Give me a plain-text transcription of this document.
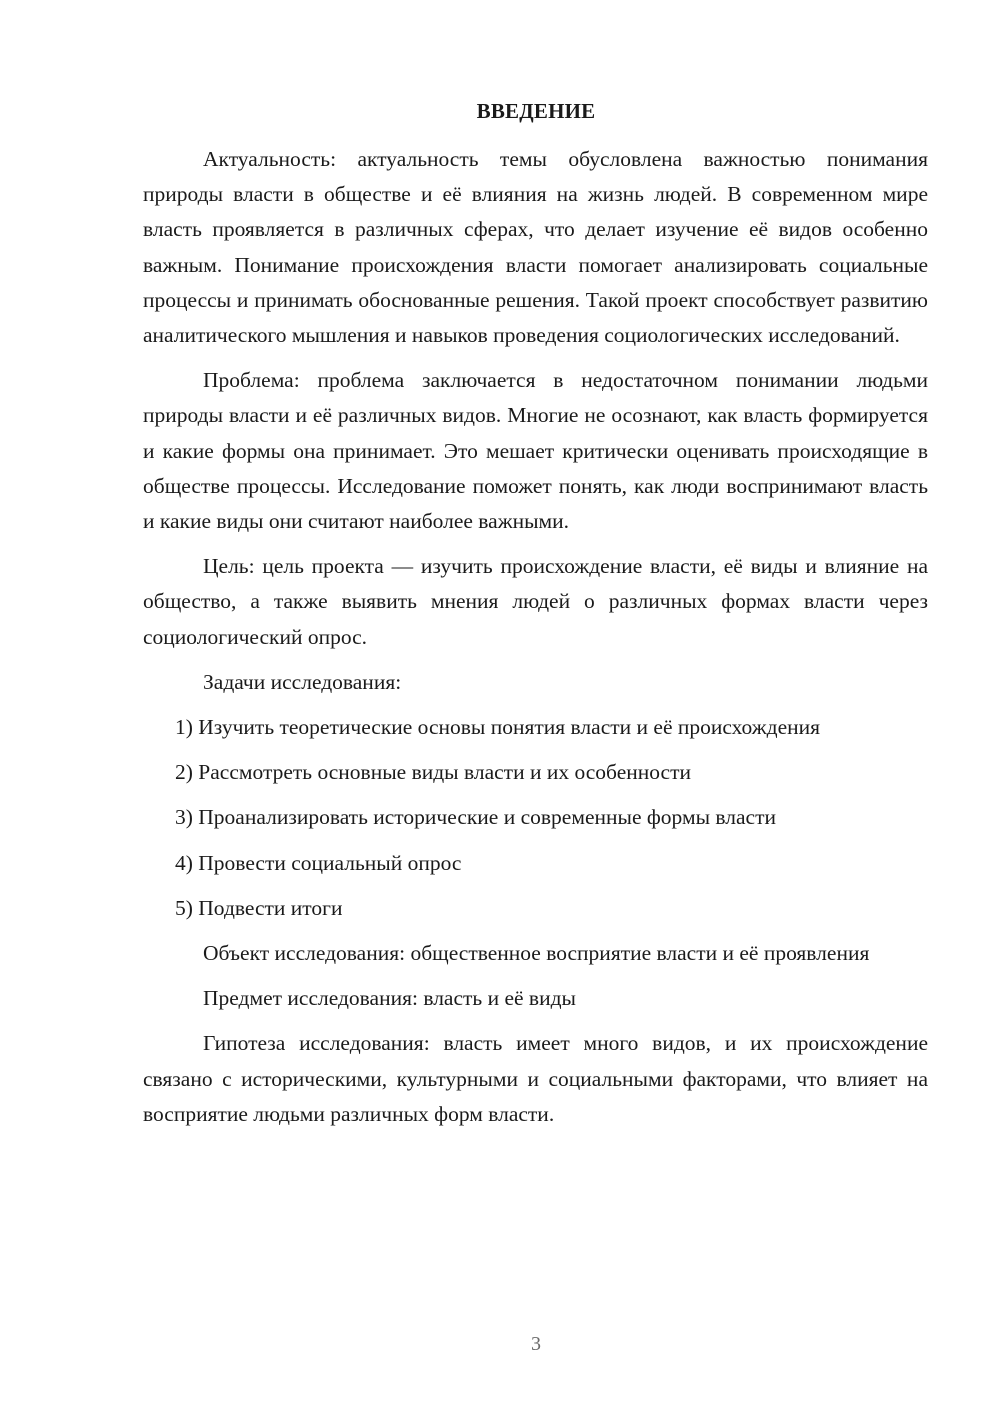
ВВЕДЕНИЕ

Актуальность: актуальность темы обусловлена важностью понимания природы власти в обществе и её влияния на жизнь людей. В современном мире власть проявляется в различных сферах, что делает изучение её видов особенно важным. Понимание происхождения власти помогает анализировать социальные процессы и принимать обоснованные решения. Такой проект способствует развитию аналитического мышления и навыков проведения социологических исследований.

Проблема: проблема заключается в недостаточном понимании людьми природы власти и её различных видов. Многие не осознают, как власть формируется и какие формы она принимает. Это мешает критически оценивать происходящие в обществе процессы. Исследование поможет понять, как люди воспринимают власть и какие виды они считают наиболее важными.

Цель: цель проекта — изучить происхождение власти, её виды и влияние на общество, а также выявить мнения людей о различных формах власти через социологический опрос.

Задачи исследования:

1) Изучить теоретические основы понятия власти и её происхождения
2) Рассмотреть основные виды власти и их особенности
3) Проанализировать исторические и современные формы власти
4) Провести социальный опрос
5) Подвести итоги

Объект исследования: общественное восприятие власти и её проявления

Предмет исследования: власть и её виды

Гипотеза исследования: власть имеет много видов, и их происхождение связано с историческими, культурными и социальными факторами, что влияет на восприятие людьми различных форм власти.

3
